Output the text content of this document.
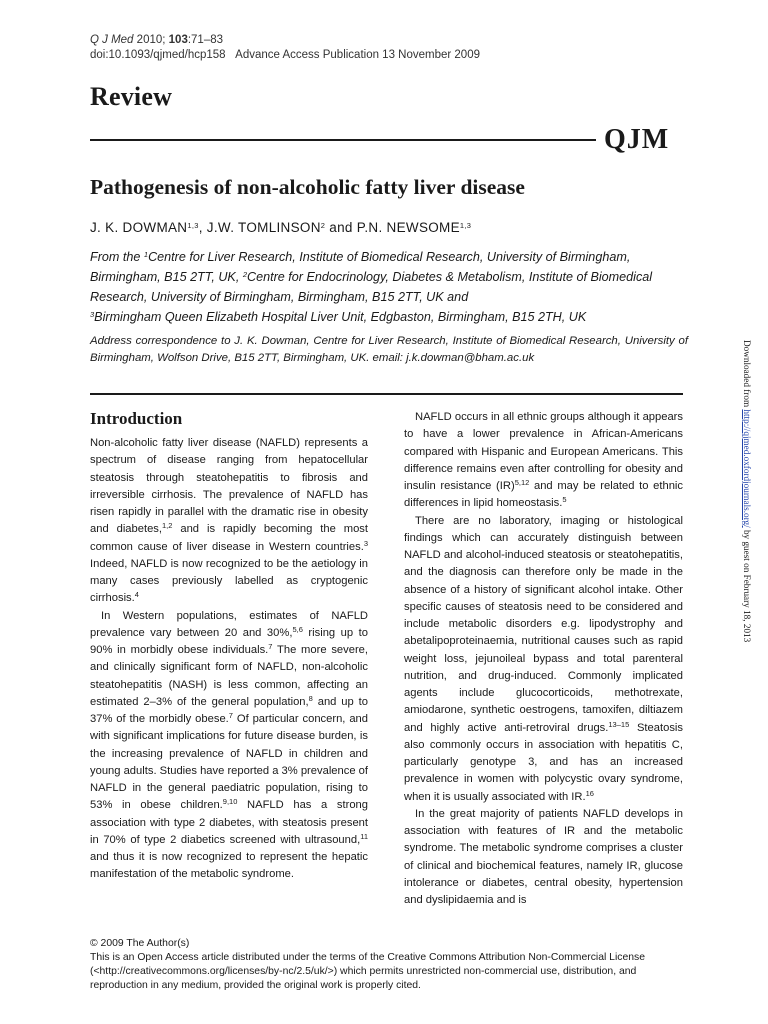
Q J Med 2010; 103:71–83
doi:10.1093/qjmed/hcp158 Advance Access Publication 13 November 2009
Review
QJM
Pathogenesis of non-alcoholic fatty liver disease
J. K. DOWMAN$^{1,3}$, J.W. TOMLINSON$^2$ and P.N. NEWSOME$^{1,3}$
From the $^1$Centre for Liver Research, Institute of Biomedical Research, University of Birmingham, Birmingham, B15 2TT, UK, $^2$Centre for Endocrinology, Diabetes & Metabolism, Institute of Biomedical Research, University of Birmingham, Birmingham, B15 2TT, UK and
$^3$Birmingham Queen Elizabeth Hospital Liver Unit, Edgbaston, Birmingham, B15 2TH, UK
Address correspondence to J. K. Dowman, Centre for Liver Research, Institute of Biomedical Research, University of Birmingham, Wolfson Drive, B15 2TT, Birmingham, UK. email: j.k.dowman@bham.ac.uk
Introduction

Non-alcoholic fatty liver disease (NAFLD) represents a spectrum of disease ranging from hepatocellular steatosis through steatohepatitis to fibrosis and irreversible cirrhosis. The prevalence of NAFLD has risen rapidly in parallel with the dramatic rise in obesity and diabetes,$^{1,2}$ and is rapidly becoming the most common cause of liver disease in Western countries.$^3$ Indeed, NAFLD is now recognized to be the aetiology in many cases previously labelled as cryptogenic cirrhosis.$^4$

In Western populations, estimates of NAFLD prevalence vary between 20 and 30%,$^{5,6}$ rising up to 90% in morbidly obese individuals.$^7$ The more severe, and clinically significant form of NAFLD, non-alcoholic steatohepatitis (NASH) is less common, affecting an estimated 2–3% of the general population,$^8$ and up to 37% of the morbidly obese.$^7$ Of particular concern, and with significant implications for future disease burden, is the increasing prevalence of NAFLD in children and young adults. Studies have reported a 3% prevalence of NAFLD in the general paediatric population, rising to 53% in obese children.$^{9,10}$ NAFLD has a strong association with type 2 diabetes, with steatosis present in 70% of type 2 diabetics screened with ultrasound,$^{11}$ and thus it is now recognized to represent the hepatic manifestation of the metabolic syndrome.

NAFLD occurs in all ethnic groups although it appears to have a lower prevalence in African-Americans compared with Hispanic and European Americans. This difference remains even after controlling for obesity and insulin resistance (IR)$^{5,12}$ and may be related to ethnic differences in lipid homeostasis.$^5$

There are no laboratory, imaging or histological findings which can accurately distinguish between NAFLD and alcohol-induced steatosis or steatohepatitis, and the diagnosis can therefore only be made in the absence of a history of significant alcohol intake. Other specific causes of steatosis need to be considered and include metabolic disorders e.g. lipodystrophy and abetalipoproteinaemia, nutritional causes such as rapid weight loss, jejunoileal bypass and total parenteral nutrition, and drug-induced. Commonly implicated agents include glucocorticoids, methotrexate, amiodarone, synthetic oestrogens, tamoxifen, diltiazem and highly active anti-retroviral drugs.$^{13-15}$ Steatosis also commonly occurs in association with hepatitis C, particularly genotype 3, and has an increased prevalence in women with polycystic ovary syndrome, when it is usually associated with IR.$^{16}$

In the great majority of patients NAFLD develops in association with features of IR and the metabolic syndrome. The metabolic syndrome comprises a cluster of clinical and biochemical features, namely IR, glucose intolerance or diabetes, central obesity, hypertension and dyslipidaemia and is

© 2009 The Author(s)
This is an Open Access article distributed under the terms of the Creative Commons Attribution Non-Commercial License (<http://creativecommons.org/licenses/by-nc/2.5/uk/>) which permits unrestricted non-commercial use, distribution, and reproduction in any medium, provided the original work is properly cited.
Downloaded from http://qjmed.oxfordjournals.org/ by guest on February 18, 2013
